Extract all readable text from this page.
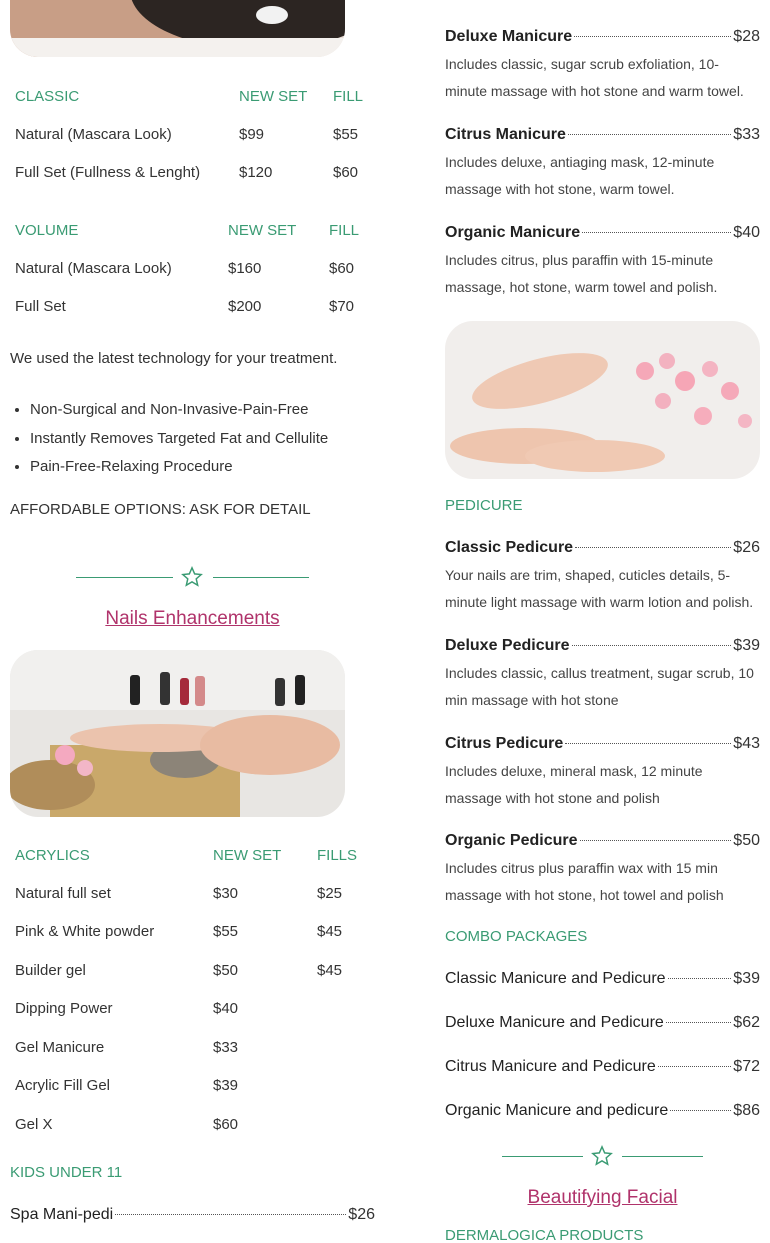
CLASSIC	NEW SET	FILL
Natural (Mascara Look)	$99	$55
Full Set (Fullness & Lenght)	$120	$60
VOLUME	NEW SET	FILL
Natural (Mascara Look)	$160	$60
Full Set	$200	$70
We used the latest technology for your treatment.
• Non-Surgical and Non-Invasive-Pain-Free
• Instantly Removes Targeted Fat and Cellulite
• Pain-Free-Relaxing Procedure
AFFORDABLE OPTIONS: ASK FOR DETAIL
Nails Enhancements
ACRYLICS	NEW SET	FILLS
Natural full set	$30	$25
Pink & White powder	$55	$45
Builder gel	$50	$45
Dipping Power	$40	
Gel Manicure	$33	
Acrylic Fill Gel	$39	
Gel X	$60	
KIDS UNDER 11
Spa Mani-pedi	$26
Deluxe Manicure	$28
Includes classic, sugar scrub exfoliation, 10-minute massage with hot stone and warm towel.
Citrus Manicure	$33
Includes deluxe, antiaging mask, 12-minute massage with hot stone, warm towel.
Organic Manicure	$40
Includes citrus, plus paraffin with 15-minute massage, hot stone, warm towel and polish.
PEDICURE
Classic Pedicure	$26
Your nails are trim, shaped, cuticles details, 5-minute light massage with warm lotion and polish.
Deluxe Pedicure	$39
Includes classic, callus treatment, sugar scrub, 10 min massage with hot stone
Citrus Pedicure	$43
Includes deluxe, mineral mask, 12 minute massage with hot stone and polish
Organic Pedicure	$50
Includes citrus plus paraffin wax with 15 min massage with hot stone, hot towel and polish
COMBO PACKAGES
Classic Manicure and Pedicure	$39
Deluxe Manicure and Pedicure	$62
Citrus Manicure and Pedicure	$72
Organic Manicure and pedicure	$86
Beautifying Facial
DERMALOGICA PRODUCTS
